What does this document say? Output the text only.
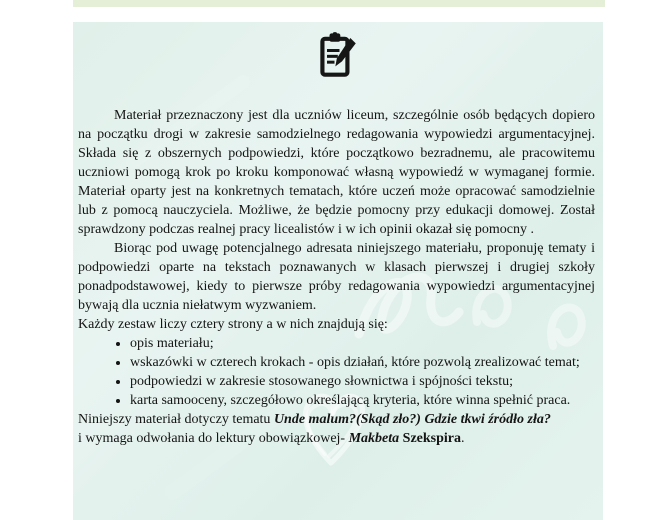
Materiał przeznaczony jest dla uczniów liceum, szczególnie osób będących dopiero na początku drogi w zakresie samodzielnego redagowania wypowiedzi argumentacyjnej. Składa się z obszernych podpowiedzi, które początkowo bezradnemu, ale pracowitemu uczniowi pomogą krok po kroku komponować własną wypowiedź w wymaganej formie. Materiał oparty jest na konkretnych tematach, które uczeń może opracować samodzielnie lub z pomocą nauczyciela. Możliwe, że będzie pomocny przy edukacji domowej. Został sprawdzony podczas realnej pracy licealistów i w ich opinii okazał się pomocny .

Biorąc pod uwagę potencjalnego adresata niniejszego materiału, proponuję tematy i podpowiedzi oparte na tekstach poznawanych w klasach pierwszej i drugiej szkoły ponadpodstawowej, kiedy to pierwsze próby redagowania wypowiedzi argumentacyjnej bywają dla ucznia niełatwym wyzwaniem.

Każdy zestaw liczy cztery strony a w nich znajdują się:

• opis materiału;
• wskazówki w czterech krokach - opis działań, które pozwolą zrealizować temat;
• podpowiedzi w zakresie stosowanego słownictwa i spójności tekstu;
• karta samooceny, szczegółowo określającą kryteria, które winna spełnić praca.

Niniejszy materiał dotyczy tematu Unde malum?(Skąd zło?) Gdzie tkwi źródło zła?
i wymaga odwołania do lektury obowiązkowej- Makbeta Szekspira.
